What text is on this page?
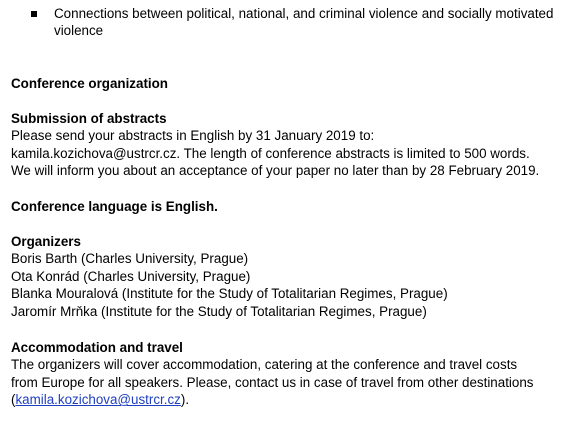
Connections between political, national, and criminal violence and socially motivated
violence
Conference organization
Submission of abstracts
Please send your abstracts in English by 31 January 2019 to:
kamila.kozichova@ustrcr.cz. The length of conference abstracts is limited to 500 words.
We will inform you about an acceptance of your paper no later than by 28 February 2019.
Conference language is English.
Organizers
Boris Barth (Charles University, Prague)
Ota Konrád (Charles University, Prague)
Blanka Mouralová (Institute for the Study of Totalitarian Regimes, Prague)
Jaromír Mrňka (Institute for the Study of Totalitarian Regimes, Prague)
Accommodation and travel
The organizers will cover accommodation, catering at the conference and travel costs
from Europe for all speakers. Please, contact us in case of travel from other destinations
(kamila.kozichova@ustrcr.cz).
